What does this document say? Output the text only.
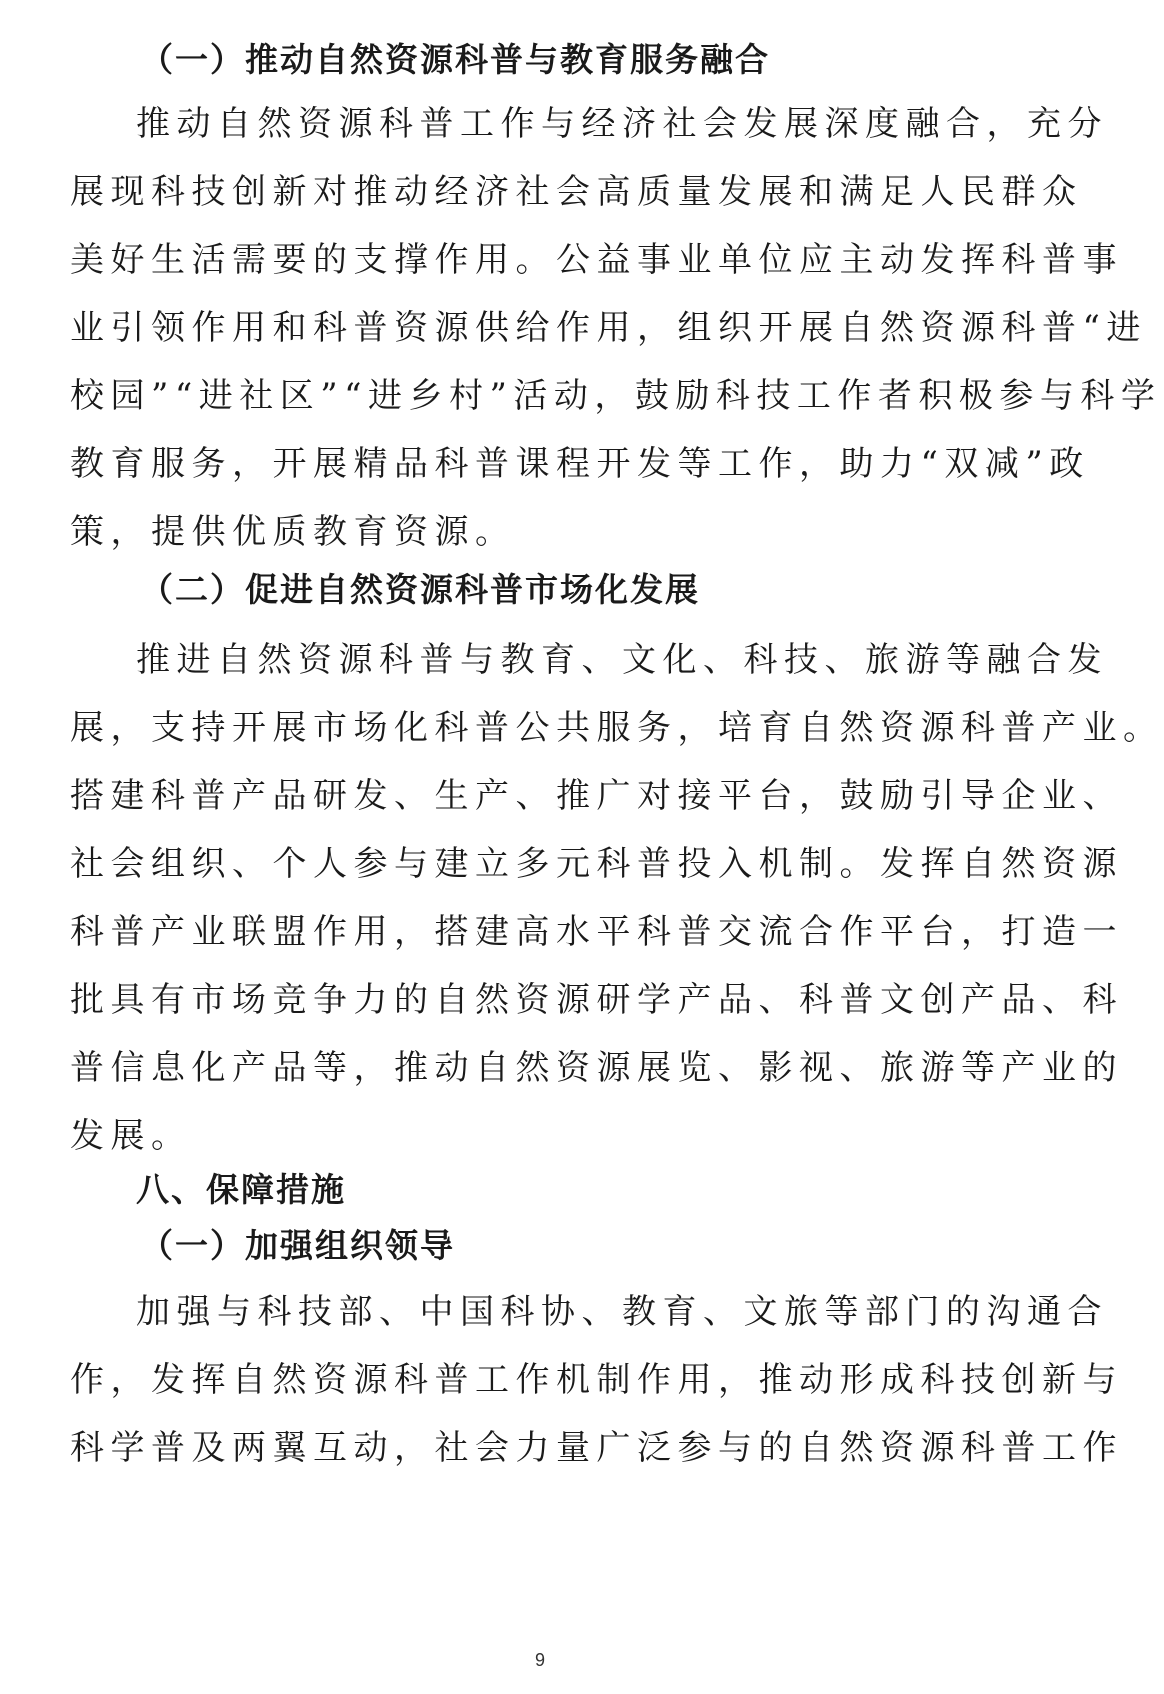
（一）推动自然资源科普与教育服务融合
推动自然资源科普工作与经济社会发展深度融合，充分
展现科技创新对推动经济社会高质量发展和满足人民群众
美好生活需要的支撑作用。公益事业单位应主动发挥科普事
业引领作用和科普资源供给作用，组织开展自然资源科普“进
校园”“进社区”“进乡村”活动，鼓励科技工作者积极参与科学
教育服务，开展精品科普课程开发等工作，助力“双减”政
策，提供优质教育资源。
（二）促进自然资源科普市场化发展
推进自然资源科普与教育、文化、科技、旅游等融合发
展，支持开展市场化科普公共服务，培育自然资源科普产业。
搭建科普产品研发、生产、推广对接平台，鼓励引导企业、
社会组织、个人参与建立多元科普投入机制。发挥自然资源
科普产业联盟作用，搭建高水平科普交流合作平台，打造一
批具有市场竞争力的自然资源研学产品、科普文创产品、科
普信息化产品等，推动自然资源展览、影视、旅游等产业的
发展。
八、保障措施
（一）加强组织领导
加强与科技部、中国科协、教育、文旅等部门的沟通合
作，发挥自然资源科普工作机制作用，推动形成科技创新与
科学普及两翼互动，社会力量广泛参与的自然资源科普工作
9
